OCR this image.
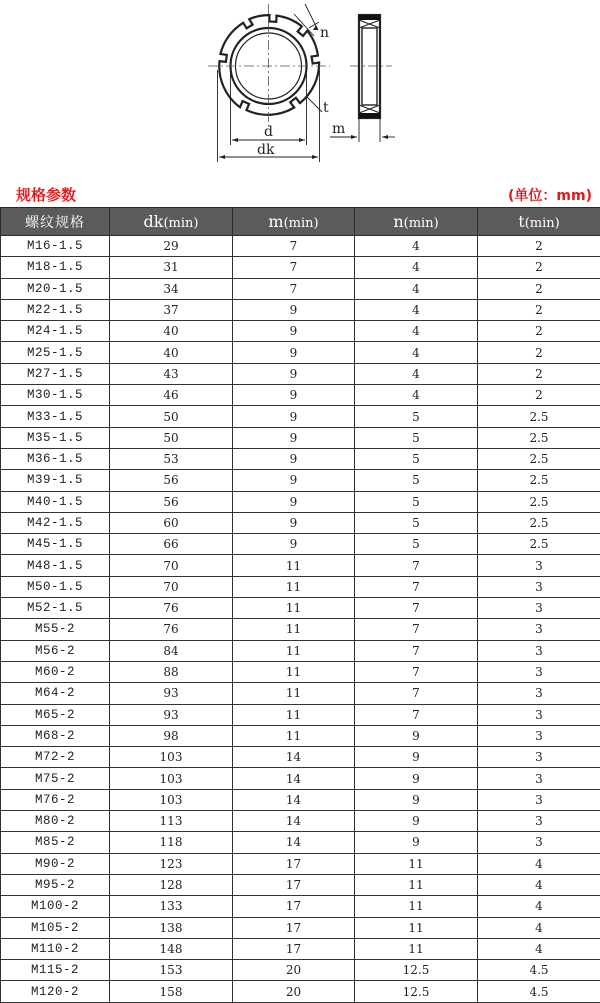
n
t
d
dk
m
规格参数	(单位：mm)
螺纹规格	dk(min)	m(min)	n(min)	t(min)
M16-1.5	29	7	4	2
M18-1.5	31	7	4	2
M20-1.5	34	7	4	2
M22-1.5	37	9	4	2
M24-1.5	40	9	4	2
M25-1.5	40	9	4	2
M27-1.5	43	9	4	2
M30-1.5	46	9	4	2
M33-1.5	50	9	5	2.5
M35-1.5	50	9	5	2.5
M36-1.5	53	9	5	2.5
M39-1.5	56	9	5	2.5
M40-1.5	56	9	5	2.5
M42-1.5	60	9	5	2.5
M45-1.5	66	9	5	2.5
M48-1.5	70	11	7	3
M50-1.5	70	11	7	3
M52-1.5	76	11	7	3
M55-2	76	11	7	3
M56-2	84	11	7	3
M60-2	88	11	7	3
M64-2	93	11	7	3
M65-2	93	11	7	3
M68-2	98	11	9	3
M72-2	103	14	9	3
M75-2	103	14	9	3
M76-2	103	14	9	3
M80-2	113	14	9	3
M85-2	118	14	9	3
M90-2	123	17	11	4
M95-2	128	17	11	4
M100-2	133	17	11	4
M105-2	138	17	11	4
M110-2	148	17	11	4
M115-2	153	20	12.5	4.5
M120-2	158	20	12.5	4.5
